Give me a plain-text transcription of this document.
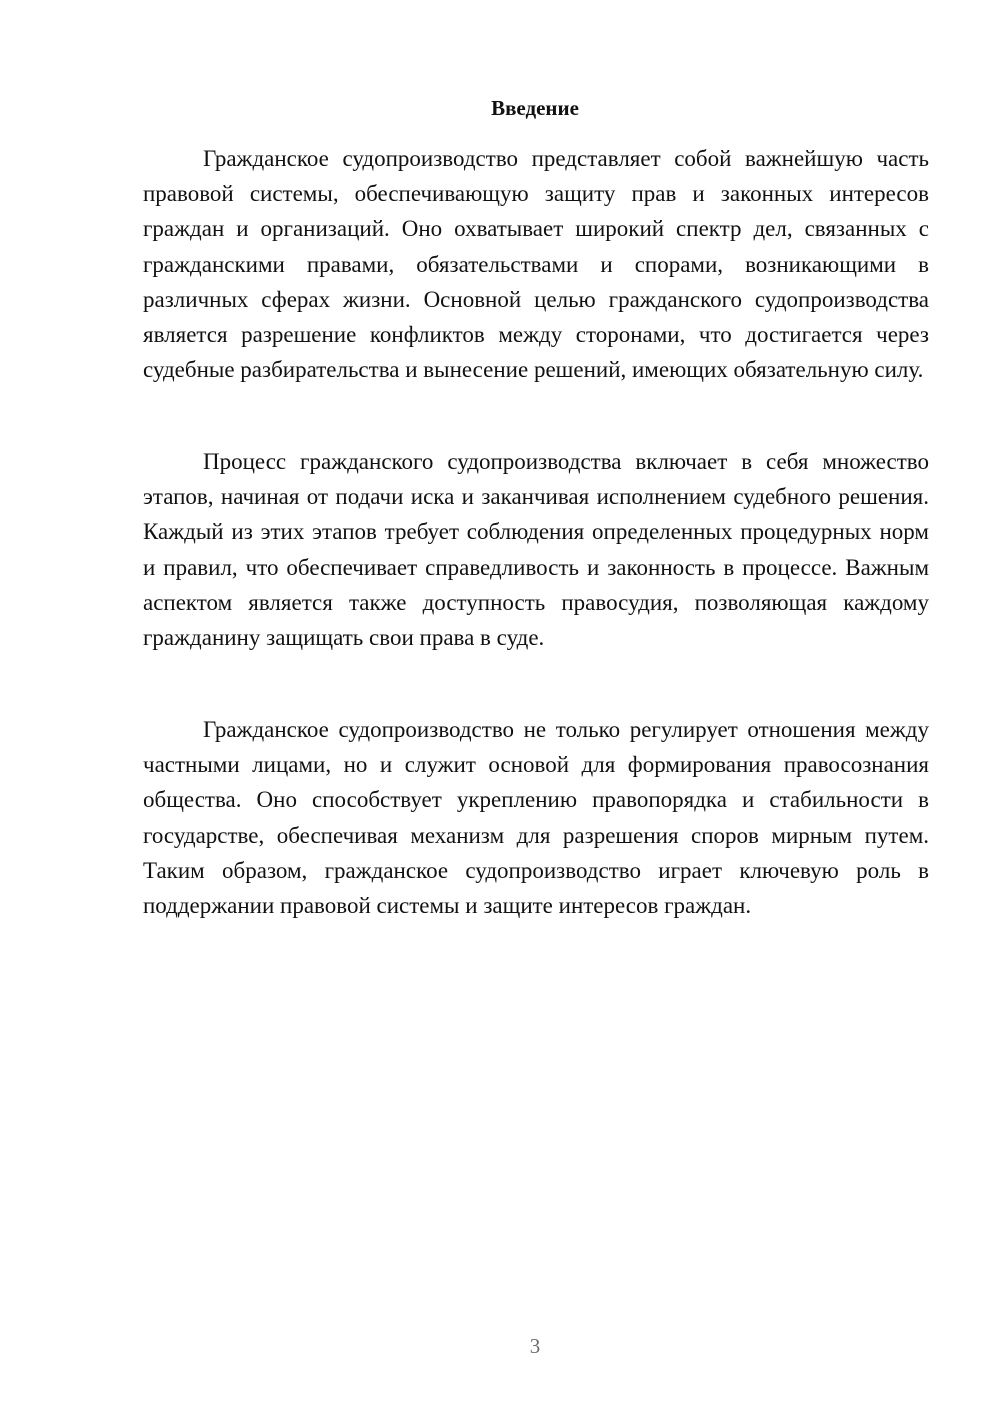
Введение

Гражданское судопроизводство представляет собой важнейшую часть правовой системы, обеспечивающую защиту прав и законных интересов граждан и организаций. Оно охватывает широкий спектр дел, связанных с гражданскими правами, обязательствами и спорами, возникающими в различных сферах жизни. Основной целью гражданского судопроизводства является разрешение конфликтов между сторонами, что достигается через судебные разбирательства и вынесение решений, имеющих обязательную силу.

Процесс гражданского судопроизводства включает в себя множество этапов, начиная от подачи иска и заканчивая исполнением судебного решения. Каждый из этих этапов требует соблюдения определенных процедурных норм и правил, что обеспечивает справедливость и законность в процессе. Важным аспектом является также доступность правосудия, позволяющая каждому гражданину защищать свои права в суде.

Гражданское судопроизводство не только регулирует отношения между частными лицами, но и служит основой для формирования правосознания общества. Оно способствует укреплению правопорядка и стабильности в государстве, обеспечивая механизм для разрешения споров мирным путем. Таким образом, гражданское судопроизводство играет ключевую роль в поддержании правовой системы и защите интересов граждан.

3
